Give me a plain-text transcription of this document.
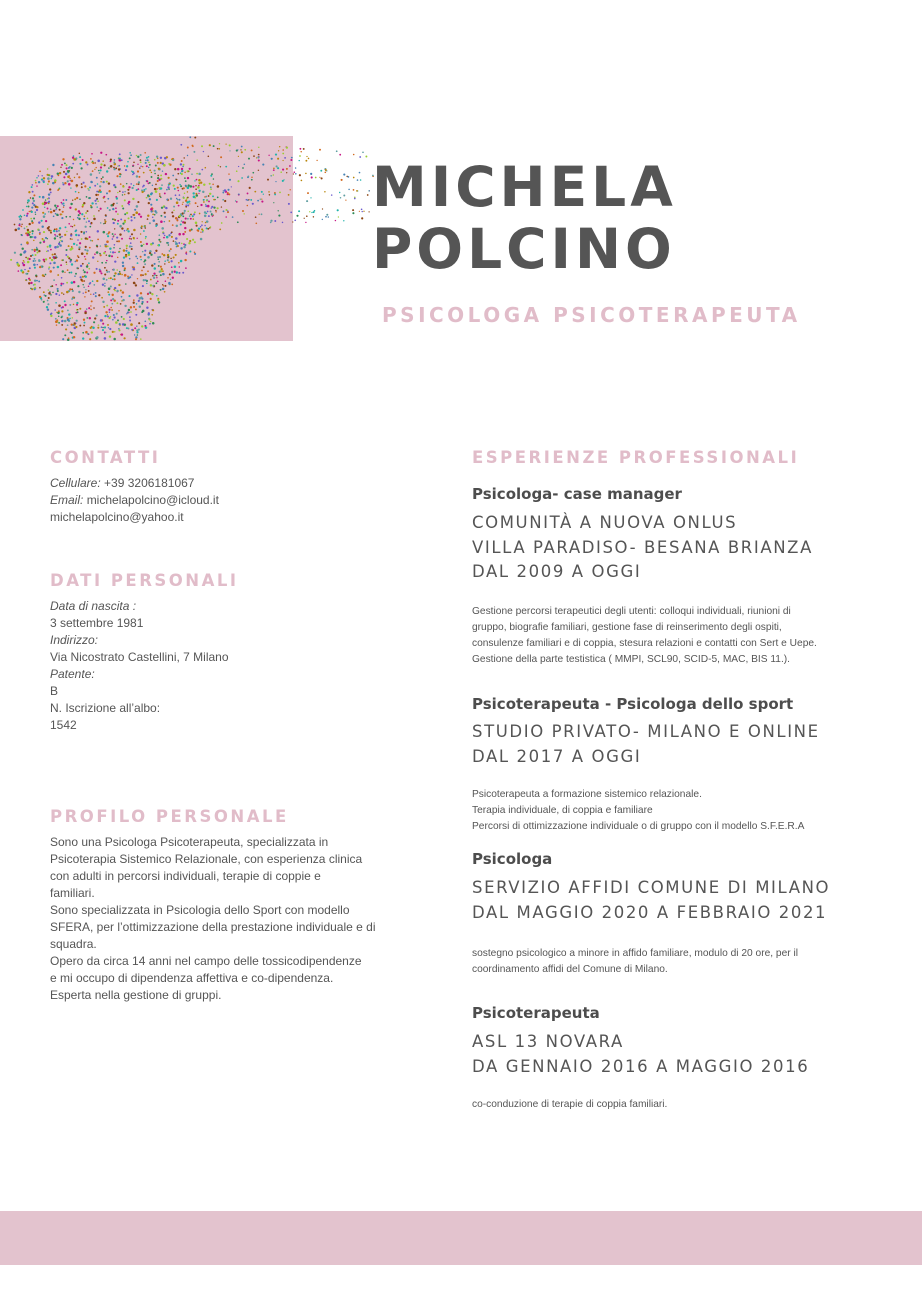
MICHELA
POLCINO
PSICOLOGA PSICOTERAPEUTA
CONTATTI
Cellulare: +39 3206181067
Email: michelapolcino@icloud.it
michelapolcino@yahoo.it
DATI PERSONALI
Data di nascita :
3 settembre 1981
Indirizzo:
Via Nicostrato Castellini, 7 Milano
Patente:
B
N. Iscrizione all’albo:
1542
PROFILO PERSONALE
Sono una Psicologa Psicoterapeuta, specializzata in
Psicoterapia Sistemico Relazionale, con esperienza clinica
con adulti in percorsi individuali, terapie di coppie e
familiari.
Sono specializzata in Psicologia dello Sport con modello
SFERA, per l’ottimizzazione della prestazione individuale e di
squadra.
Opero da circa 14 anni nel campo delle tossicodipendenze
e mi occupo di dipendenza affettiva e co-dipendenza.
Esperta nella gestione di gruppi.
ESPERIENZE PROFESSIONALI
Psicologa- case manager
COMUNITÀ A NUOVA ONLUS
VILLA PARADISO- BESANA BRIANZA
DAL 2009 A OGGI
Gestione percorsi terapeutici degli utenti: colloqui individuali, riunioni di
gruppo, biografie familiari, gestione fase di reinserimento degli ospiti,
consulenze familiari e di coppia, stesura relazioni e contatti con Sert e Uepe.
Gestione della parte testistica ( MMPI, SCL90, SCID-5, MAC, BIS 11.).
Psicoterapeuta - Psicologa dello sport
STUDIO PRIVATO- MILANO E ONLINE
DAL 2017 A OGGI
Psicoterapeuta a formazione sistemico relazionale.
Terapia individuale, di coppia e familiare
Percorsi di ottimizzazione individuale o di gruppo con il modello S.F.E.R.A
Psicologa
SERVIZIO AFFIDI COMUNE DI MILANO
DAL MAGGIO 2020 A FEBBRAIO 2021
sostegno psicologico a minore in affido familiare, modulo di 20 ore, per il
coordinamento affidi del Comune di Milano.
Psicoterapeuta
ASL 13 NOVARA
DA GENNAIO 2016 A MAGGIO 2016
co-conduzione di terapie di coppia familiari.
